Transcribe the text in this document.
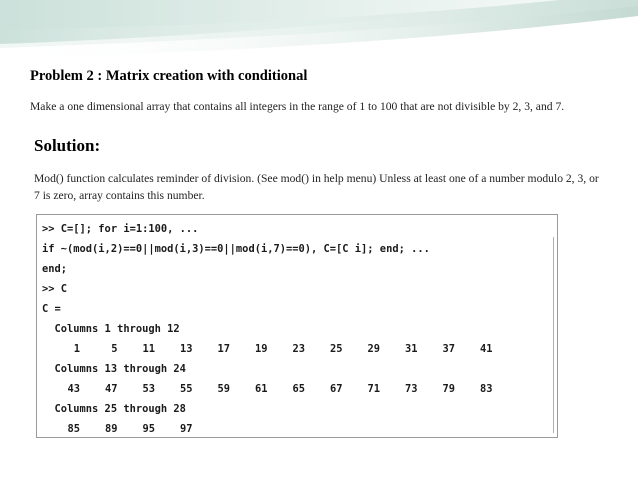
Problem 2 : Matrix creation with conditional
Make a one dimensional array that contains all integers in the range of 1 to 100 that are not divisible by 2, 3, and 7.
Solution:
Mod() function calculates reminder of division. (See mod() in help menu) Unless at least one of a number modulo 2, 3, or 7 is zero, array contains this number.
>> C=[]; for i=1:100, ...
if ~(mod(i,2)==0||mod(i,3)==0||mod(i,7)==0), C=[C i]; end; ...
end;
>> C
C =
Columns 1 through 12
1	5	11	13	17	19	23	25	29	31	37	41
Columns 13 through 24
43	47	53	55	59	61	65	67	71	73	79	83
Columns 25 through 28
85	89	95	97
